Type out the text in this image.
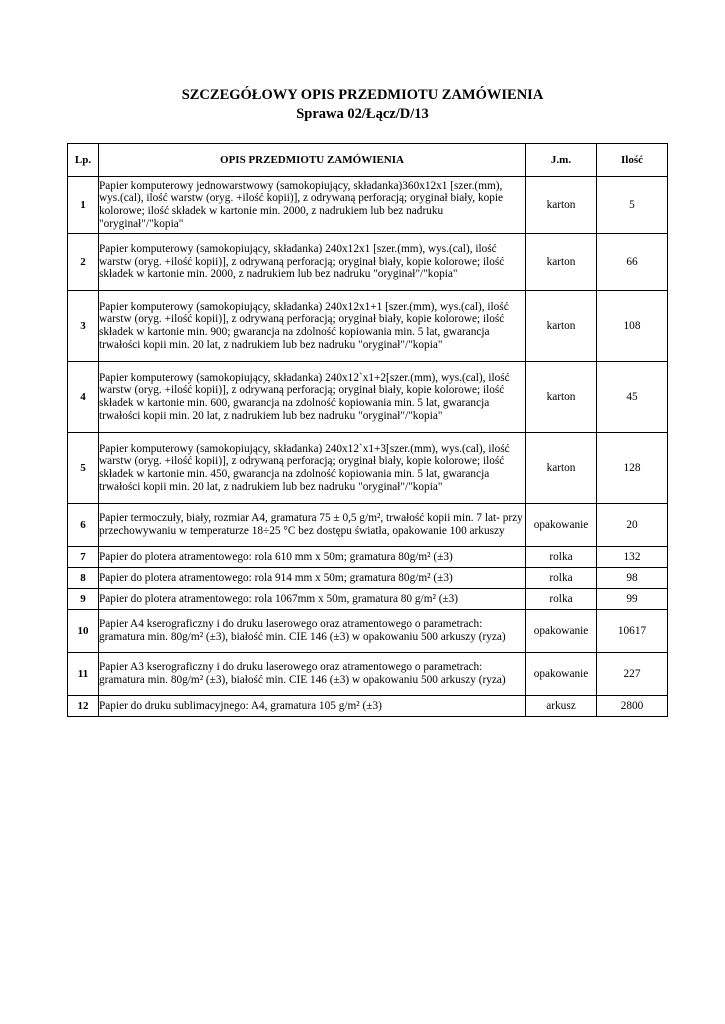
SZCZEGÓŁOWY OPIS PRZEDMIOTU ZAMÓWIENIA
Sprawa 02/Łącz/D/13
Lp.	OPIS PRZEDMIOTU ZAMÓWIENIA	J.m.	Ilość
1	Papier komputerowy jednowarstwowy (samokopiujący, składanka)360x12x1 [szer.(mm), wys.(cal), ilość warstw (oryg. +ilość kopii)], z odrywaną perforacją; oryginał biały, kopie kolorowe; ilość składek w kartonie min. 2000, z nadrukiem lub bez nadruku "oryginał"/"kopia"	karton	5
2	Papier komputerowy (samokopiujący, składanka) 240x12x1 [szer.(mm), wys.(cal), ilość warstw (oryg. +ilość kopii)], z odrywaną perforacją; oryginał biały, kopie kolorowe; ilość składek w kartonie min. 2000, z nadrukiem lub bez nadruku "oryginał"/"kopia"	karton	66
3	Papier komputerowy (samokopiujący, składanka) 240x12x1+1 [szer.(mm), wys.(cal), ilość warstw (oryg. +ilość kopii)], z odrywaną perforacją; oryginał biały, kopie kolorowe; ilość składek w kartonie min. 900; gwarancja na zdolność kopiowania min. 5 lat, gwarancja trwałości kopii min. 20 lat, z nadrukiem lub bez nadruku "oryginał"/"kopia"	karton	108
4	Papier komputerowy (samokopiujący, składanka) 240x12`x1+2[szer.(mm), wys.(cal), ilość warstw (oryg. +ilość kopii)], z odrywaną perforacją; oryginał biały, kopie kolorowe; ilość składek w kartonie min. 600, gwarancja na zdolność kopiowania min. 5 lat, gwarancja trwałości kopii min. 20 lat, z nadrukiem lub bez nadruku "oryginał"/"kopia"	karton	45
5	Papier komputerowy (samokopiujący, składanka) 240x12`x1+3[szer.(mm), wys.(cal), ilość warstw (oryg. +ilość kopii)], z odrywaną perforacją; oryginał biały, kopie kolorowe; ilość składek w kartonie min. 450, gwarancja na zdolność kopiowania min. 5 lat, gwarancja trwałości kopii min. 20 lat, z nadrukiem lub bez nadruku "oryginał"/"kopia"	karton	128
6	Papier termoczuły, biały, rozmiar A4, gramatura 75 ± 0,5 g/m², trwałość kopii min. 7 lat- przy przechowywaniu w temperaturze 18÷25 °C bez dostępu światła, opakowanie 100 arkuszy	opakowanie	20
7	Papier do plotera atramentowego: rola 610 mm x 50m; gramatura 80g/m² (±3)	rolka	132
8	Papier do plotera atramentowego: rola 914 mm x 50m; gramatura 80g/m² (±3)	rolka	98
9	Papier do plotera atramentowego: rola 1067mm x 50m, gramatura 80 g/m² (±3)	rolka	99
10	Papier A4 kserograficzny i do druku laserowego oraz atramentowego o parametrach: gramatura min. 80g/m² (±3), białość min. CIE 146 (±3) w opakowaniu 500 arkuszy (ryza)	opakowanie	10617
11	Papier A3 kserograficzny i do druku laserowego oraz atramentowego o parametrach: gramatura min. 80g/m² (±3), białość min. CIE 146 (±3) w opakowaniu 500 arkuszy (ryza)	opakowanie	227
12	Papier do druku sublimacyjnego: A4, gramatura 105 g/m² (±3)	arkusz	2800
